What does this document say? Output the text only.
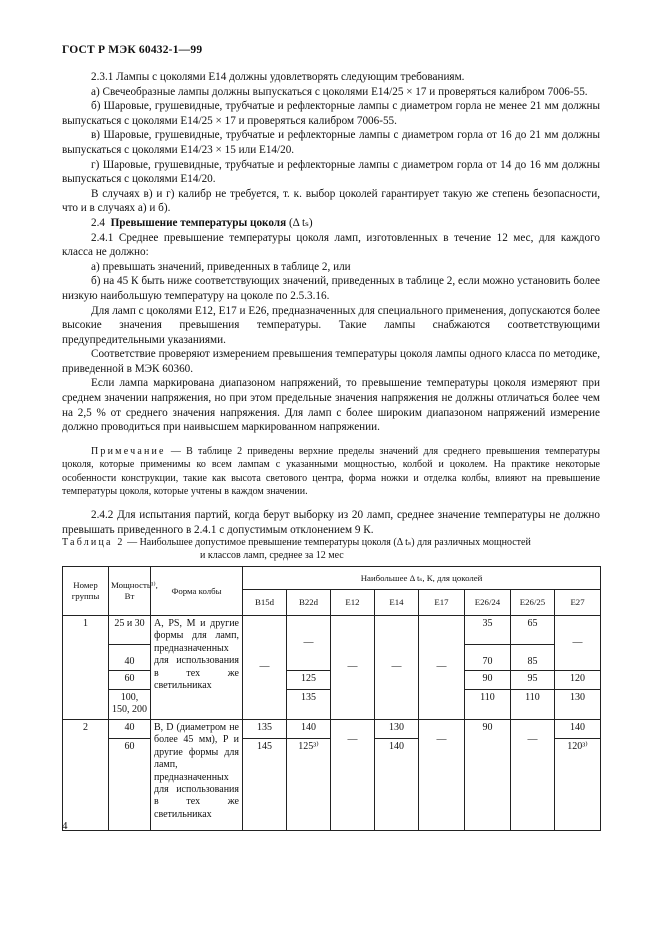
ГОСТ Р МЭК 60432-1—99

2.3.1 Лампы с цоколями Е14 должны удовлетворять следующим требованиям.

а) Свечеобразные лампы должны выпускаться с цоколями Е14/25 × 17 и проверяться калибром 7006-55.

б) Шаровые, грушевидные, трубчатые и рефлекторные лампы с диаметром горла не менее 21 мм должны выпускаться с цоколями Е14/25 × 17 и проверяться калибром 7006-55.

в) Шаровые, грушевидные, трубчатые и рефлекторные лампы с диаметром горла от 16 до 21 мм должны выпускаться с цоколями Е14/23 × 15 или Е14/20.

г) Шаровые, грушевидные, трубчатые и рефлекторные лампы с диаметром горла от 14 до 16 мм должны выпускаться с цоколями Е14/20.

В случаях в) и г) калибр не требуется, т. к. выбор цоколей гарантирует такую же степень безопасности, что и в случаях а) и б).

2.4 Превышение температуры цоколя (Δ tₛ)

2.4.1 Среднее превышение температуры цоколя ламп, изготовленных в течение 12 мес, для каждого класса не должно:

а) превышать значений, приведенных в таблице 2, или

б) на 45 К быть ниже соответствующих значений, приведенных в таблице 2, если можно установить более низкую наибольшую температуру на цоколе по 2.5.3.16.

Для ламп с цоколями Е12, Е17 и Е26, предназначенных для специального применения, допускаются более высокие значения превышения температуры. Такие лампы снабжаются соответствующими предупредительными указаниями.

Соответствие проверяют измерением превышения температуры цоколя лампы одного класса по методике, приведенной в МЭК 60360.

Если лампа маркирована диапазоном напряжений, то превышение температуры цоколя измеряют при среднем значении напряжения, но при этом предельные значения напряжения не должны отличаться более чем на 2,5 % от среднего значения напряжения. Для ламп с более широким диапазоном напряжений измерение должно проводиться при наивысшем маркированном напряжении.

Примечание — В таблице 2 приведены верхние пределы значений для среднего превышения температуры цоколя, которые применимы ко всем лампам с указанными мощностью, колбой и цоколем. На практике некоторые особенности конструкции, такие как высота светового центра, форма ножки и отделка колбы, влияют на превышение температуры цоколя, которые учтены в каждом значении.

2.4.2 Для испытания партий, когда берут выборку из 20 ламп, среднее значение температуры не должно превышать приведенного в 2.4.1 с допустимым отклонением 9 К.

Таблица 2 — Наибольшее допустимое превышение температуры цоколя (Δ tₛ) для различных мощностей
и классов ламп, среднее за 12 мес
Номер группы	Мощность¹⁾, Вт	Форма колбы	Наибольшее Δ tₛ, К, для цоколей							
			В15d	В22d	Е12	Е14	Е17	Е26/24	Е26/25	Е27
1	25 и 30	A, PS, M и другие формы для ламп, предназначенных для использования в тех же светильниках	—	—	—	—	—	35	65	—
	40							70	85	
	60			125				90	95	120
	100, 150, 200			135				110	110	130
2	40	B, D (диаметром не более 45 мм), P и другие формы для ламп, предназначенных для использования в тех же светильниках	135	140	—	130	—	90	—	140
	60		145	125³⁾		140				120³⁾
4
